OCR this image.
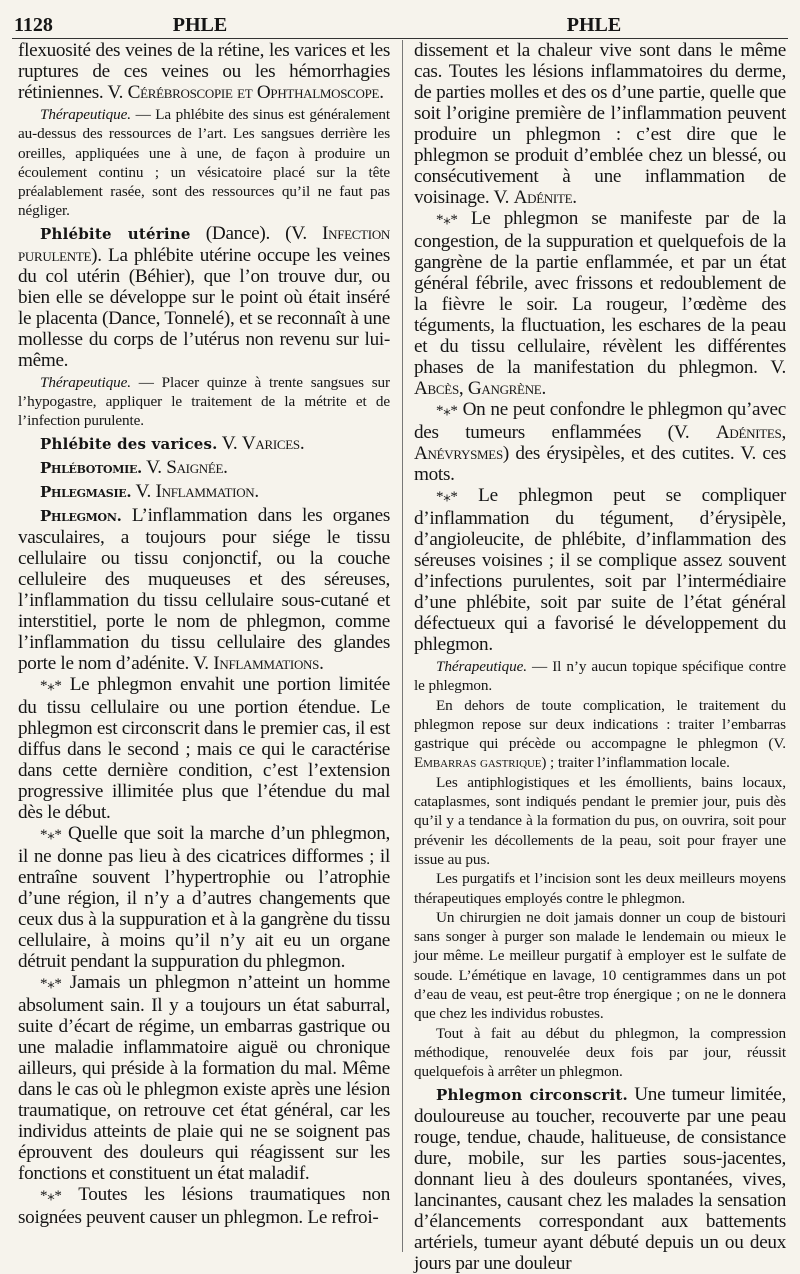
1128	PHLE	PHLE

flexuosité des veines de la rétine, les varices et les ruptures de ces veines ou les hémorrhagies rétiniennes. V. Cérébroscopie et Ophthalmoscope.

Thérapeutique. — La phlébite des sinus est généralement au-dessus des ressources de l’art. Les sangsues derrière les oreilles, appliquées une à une, de façon à produire un écoulement continu ; un vésicatoire placé sur la tête préalablement rasée, sont des ressources qu’il ne faut pas négliger.

Phlébite utérine (Dance). (V. Infection purulente). La phlébite utérine occupe les veines du col utérin (Béhier), que l’on trouve dur, ou bien elle se développe sur le point où était inséré le placenta (Dance, Tonnelé), et se reconnaît à une mollesse du corps de l’utérus non revenu sur lui-même.

Thérapeutique. — Placer quinze à trente sangsues sur l’hypogastre, appliquer le traitement de la métrite et de l’infection purulente.

Phlébite des varices. V. Varices.

Phlébotomie. V. Saignée.

Phlegmasie. V. Inflammation.

Phlegmon. L’inflammation dans les organes vasculaires, a toujours pour siége le tissu cellulaire ou tissu conjonctif, ou la couche celluleire des muqueuses et des séreuses, l’inflammation du tissu cellulaire sous-cutané et interstitiel, porte le nom de phlegmon, comme l’inflammation du tissu cellulaire des glandes porte le nom d’adénite. V. Inflammations.

*⁎* Le phlegmon envahit une portion limitée du tissu cellulaire ou une portion étendue. Le phlegmon est circonscrit dans le premier cas, il est diffus dans le second ; mais ce qui le caractérise dans cette dernière condition, c’est l’extension progressive illimitée plus que l’étendue du mal dès le début.

*⁎* Quelle que soit la marche d’un phlegmon, il ne donne pas lieu à des cicatrices difformes ; il entraîne souvent l’hypertrophie ou l’atrophie d’une région, il n’y a d’autres changements que ceux dus à la suppuration et à la gangrène du tissu cellulaire, à moins qu’il n’y ait eu un organe détruit pendant la suppuration du phlegmon.

*⁎* Jamais un phlegmon n’atteint un homme absolument sain. Il y a toujours un état saburral, suite d’écart de régime, un embarras gastrique ou une maladie inflammatoire aiguë ou chronique ailleurs, qui préside à la formation du mal. Même dans le cas où le phlegmon existe après une lésion traumatique, on retrouve cet état général, car les individus atteints de plaie qui ne se soignent pas éprouvent des douleurs qui réagissent sur les fonctions et constituent un état maladif.

*⁎* Toutes les lésions traumatiques non soignées peuvent causer un phlegmon. Le refroi-

dissement et la chaleur vive sont dans le même cas. Toutes les lésions inflammatoires du derme, de parties molles et des os d’une partie, quelle que soit l’origine première de l’inflammation peuvent produire un phlegmon : c’est dire que le phlegmon se produit d’emblée chez un blessé, ou consécutivement à une inflammation de voisinage. V. Adénite.

*⁎* Le phlegmon se manifeste par de la congestion, de la suppuration et quelquefois de la gangrène de la partie enflammée, et par un état général fébrile, avec frissons et redoublement de la fièvre le soir. La rougeur, l’œdème des téguments, la fluctuation, les eschares de la peau et du tissu cellulaire, révèlent les différentes phases de la manifestation du phlegmon. V. Abcès, Gangrène.

*⁎* On ne peut confondre le phlegmon qu’avec des tumeurs enflammées (V. Adénites, Anévrysmes) des érysipèles, et des cutites. V. ces mots.

*⁎* Le phlegmon peut se compliquer d’inflammation du tégument, d’érysipèle, d’angioleucite, de phlébite, d’inflammation des séreuses voisines ; il se complique assez souvent d’infections purulentes, soit par l’intermédiaire d’une phlébite, soit par suite de l’état général défectueux qui a favorisé le développement du phlegmon.

Thérapeutique. — Il n’y aucun topique spécifique contre le phlegmon.

En dehors de toute complication, le traitement du phlegmon repose sur deux indications : traiter l’embarras gastrique qui précède ou accompagne le phlegmon (V. Embarras gastrique) ; traiter l’inflammation locale.

Les antiphlogistiques et les émollients, bains locaux, cataplasmes, sont indiqués pendant le premier jour, puis dès qu’il y a tendance à la formation du pus, on ouvrira, soit pour prévenir les décollements de la peau, soit pour frayer une issue au pus.

Les purgatifs et l’incision sont les deux meilleurs moyens thérapeutiques employés contre le phlegmon.

Un chirurgien ne doit jamais donner un coup de bistouri sans songer à purger son malade le lendemain ou mieux le jour même. Le meilleur purgatif à employer est le sulfate de soude. L’émétique en lavage, 10 centigrammes dans un pot d’eau de veau, est peut-être trop énergique ; on ne le donnera que chez les individus robustes.

Tout à fait au début du phlegmon, la compression méthodique, renouvelée deux fois par jour, réussit quelquefois à arrêter un phlegmon.

Phlegmon circonscrit. Une tumeur limitée, douloureuse au toucher, recouverte par une peau rouge, tendue, chaude, halitueuse, de consistance dure, mobile, sur les parties sous-jacentes, donnant lieu à des douleurs spontanées, vives, lancinantes, causant chez les malades la sensation d’élancements correspondant aux battements artériels, tumeur ayant débuté depuis un ou deux jours par une douleur
